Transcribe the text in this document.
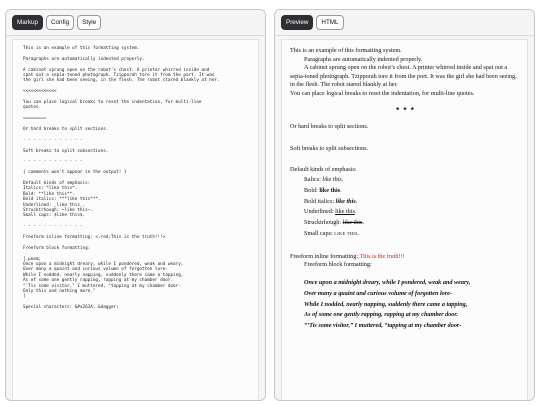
Markup	Config	Style
This is an example of this formatting system.
Paragraphs are automatically indented properly.
A cabinet sprung open on the robot's chest. A printer whirred inside and
spat out a sepia-toned photograph. Tzipporah tore it from the port. It was
the girl she had been seeing, in the flesh. The robot stared blankly at her.
<<<<<<<<<<<<<
You can place logical breaks to reset the indentation, for multi-line
quotes.
=========
Or hard breaks to split sections.
- - - - - - - - - - - -
Soft breaks to split subsections.
- - - - - - - - - - - -
{ comments won't appear in the output! }
Default kinds of emphasis:
Italics: *like this*.
Bold: **like this**.
Bold italics: ***like this***.
Underlined: _like this_.
Strucktrhough: ~like this~.
Small caps: $like this$.
- - - - - - - - - - - -
Freeform inline formatting: <.red;This is the truth!!!>
Freeform block formatting:
[.poem;
Once upon a midnight dreary, while I pondered, weak and weary,
Over many a quaint and curious volume of forgotten lore-
While I nodded, nearly napping, suddenly there came a tapping,
As of some one gently rapping, rapping at my chamber door.
"'Tis some visitor," I muttered, "tapping at my chamber door-
Only this and nothing more."
]
Special characters: &#x263A; &dagger;
Preview	HTML
This is an example of this formatting system.
Paragraphs are automatically indented properly.
A cabinet sprung open on the robot’s chest. A printer whirred inside and spat out a sepia-toned photograph. Tzipporah tore it from the port. It was the girl she had been seeing, in the flesh. The robot stared blankly at her.
You can place logical breaks to reset the indentation, for multi-line quotes.
* * *
Or hard breaks to split sections.
Soft breaks to split subsections.
Default kinds of emphasis:
Italics: like this.
Bold: like this.
Bold italics: like this.
Underlined: like this.
Strucktrhough: like this.
Small caps: LIKE THIS.
Freeform inline formatting: This is the truth!!!
Freeform block formatting:
Once upon a midnight dreary, while I pondered, weak and weary,
Over many a quaint and curious volume of forgotten lore-
While I nodded, nearly napping, suddenly there came a tapping,
As of some one gently rapping, rapping at my chamber door.
“’Tis some visitor,” I muttered, “tapping at my chamber door-
